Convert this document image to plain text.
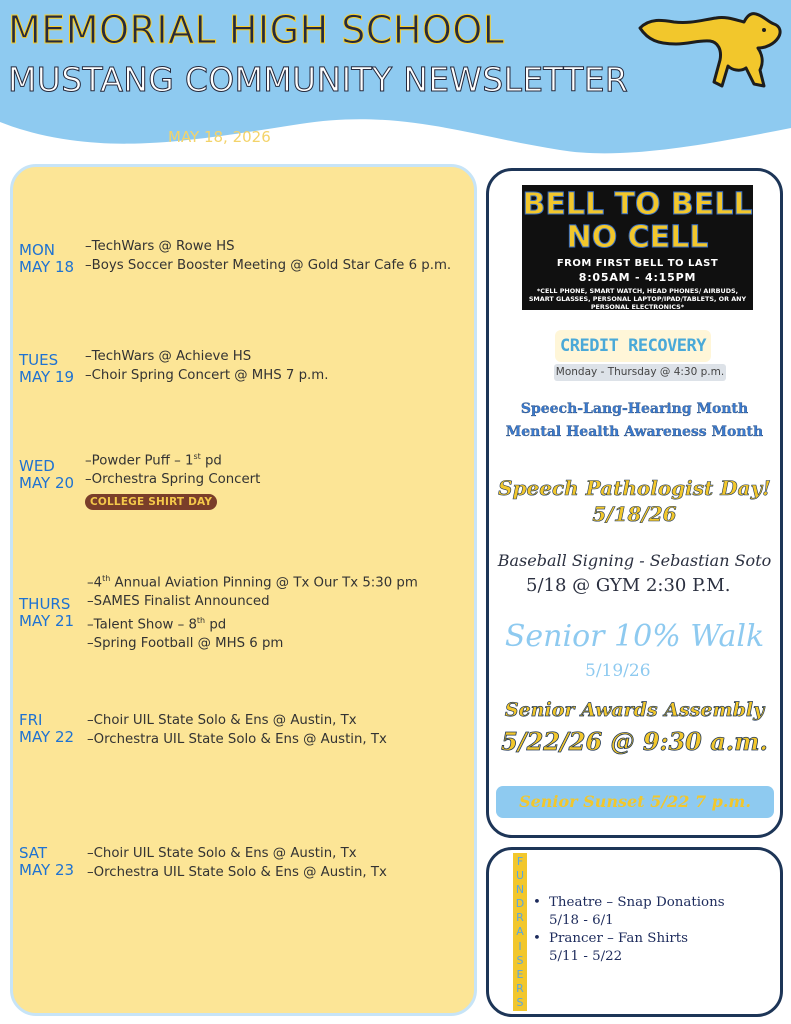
MEMORIAL HIGH SCHOOL
MUSTANG COMMUNITY NEWSLETTER
MAY 18, 2026
MON
MAY 18
–TechWars @ Rowe HS
–Boys Soccer Booster Meeting @ Gold Star Cafe 6 p.m.
TUES
MAY 19
–TechWars @ Achieve HS
–Choir Spring Concert @ MHS 7 p.m.
WED
MAY 20
–Powder Puff – 1st pd
–Orchestra Spring Concert
COLLEGE SHIRT DAY
THURS
MAY 21
–4th Annual Aviation Pinning @ Tx Our Tx 5:30 pm
–SAMES Finalist Announced
–Talent Show – 8th pd
–Spring Football @ MHS 6 pm
FRI
MAY 22
–Choir UIL State Solo & Ens @ Austin, Tx
–Orchestra UIL State Solo & Ens @ Austin, Tx
SAT
MAY 23
–Choir UIL State Solo & Ens @ Austin, Tx
–Orchestra UIL State Solo & Ens @ Austin, Tx
BELL TO BELL
NO CELL
FROM FIRST BELL TO LAST
8:05AM - 4:15PM
*CELL PHONE, SMART WATCH, HEAD PHONES/ AIRBUDS, SMART GLASSES, PERSONAL LAPTOP/IPAD/TABLETS, OR ANY PERSONAL ELECTRONICS*
CREDIT RECOVERY
Monday - Thursday @ 4:30 p.m.
Speech-Lang-Hearing Month
Mental Health Awareness Month
Speech Pathologist Day!
5/18/26
Baseball Signing - Sebastian Soto
5/18 @ GYM 2:30 P.M.
Senior 10% Walk
5/19/26
Senior Awards Assembly
5/22/26 @ 9:30 a.m.
Senior Sunset 5/22 7 p.m.
F
U
N
D
R
A
I
S
E
R
S
• Theatre – Snap Donations
5/18 - 6/1
• Prancer – Fan Shirts
5/11 - 5/22
